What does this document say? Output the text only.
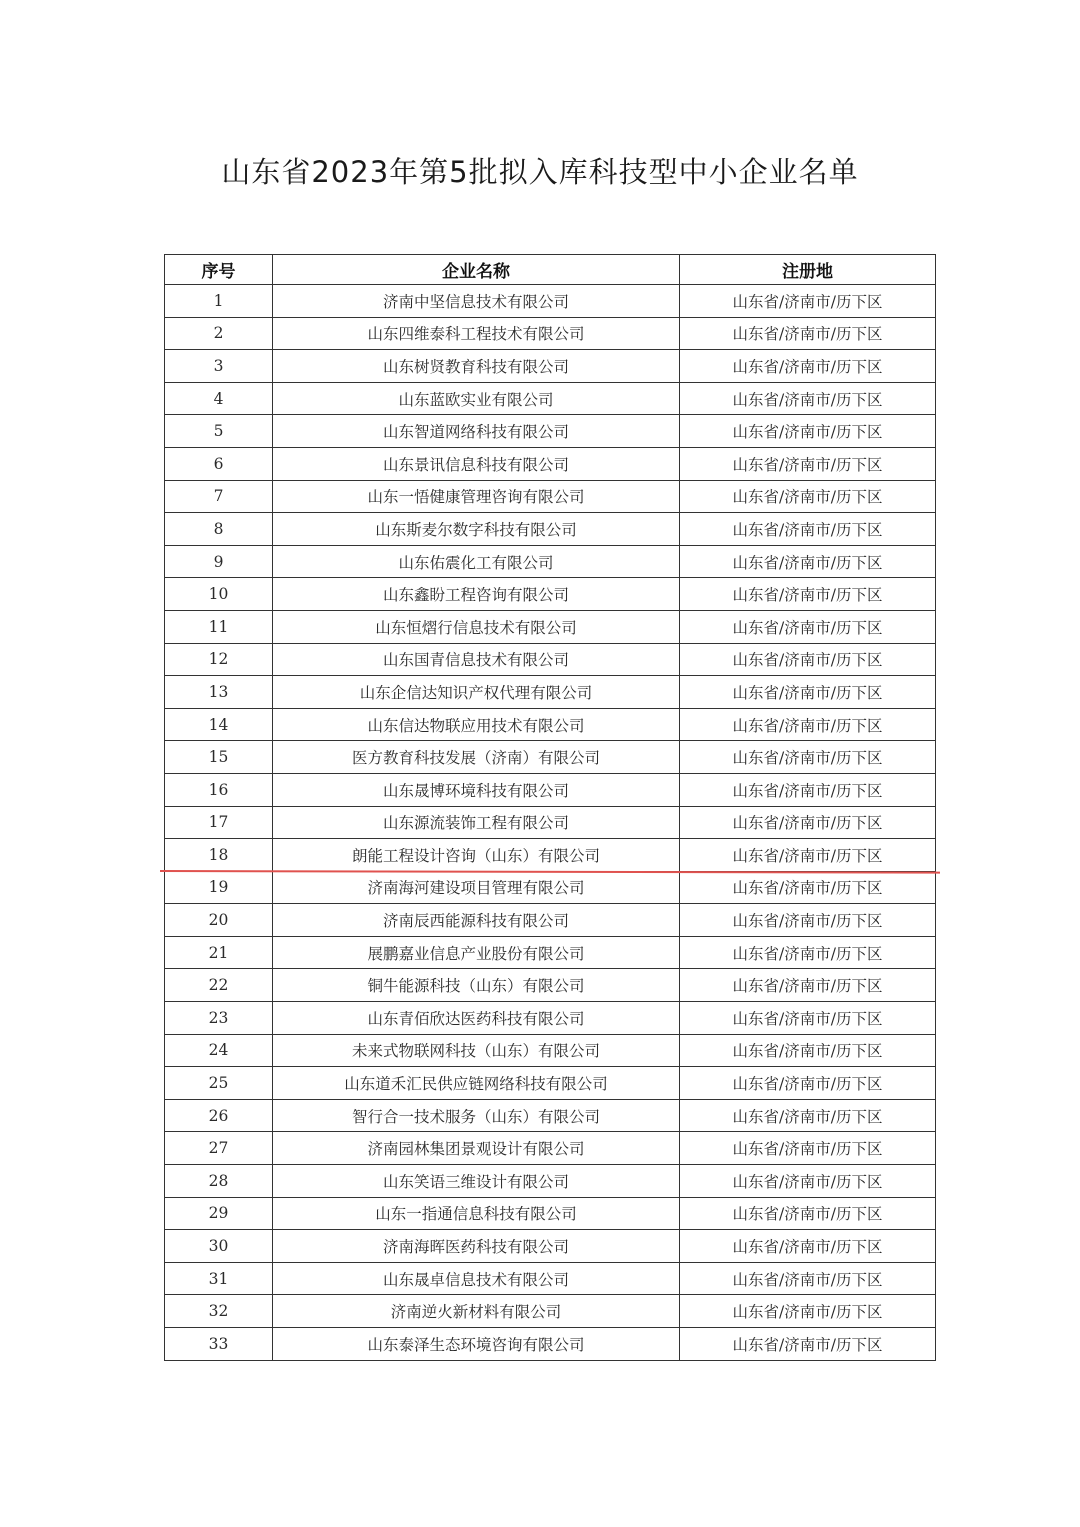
山东省2023年第5批拟入库科技型中小企业名单
序号	企业名称	注册地
1	济南中坚信息技术有限公司	山东省/济南市/历下区
2	山东四维泰科工程技术有限公司	山东省/济南市/历下区
3	山东树贤教育科技有限公司	山东省/济南市/历下区
4	山东蓝欧实业有限公司	山东省/济南市/历下区
5	山东智道网络科技有限公司	山东省/济南市/历下区
6	山东景讯信息科技有限公司	山东省/济南市/历下区
7	山东一悟健康管理咨询有限公司	山东省/济南市/历下区
8	山东斯麦尔数字科技有限公司	山东省/济南市/历下区
9	山东佑震化工有限公司	山东省/济南市/历下区
10	山东鑫盼工程咨询有限公司	山东省/济南市/历下区
11	山东恒熠行信息技术有限公司	山东省/济南市/历下区
12	山东国青信息技术有限公司	山东省/济南市/历下区
13	山东企信达知识产权代理有限公司	山东省/济南市/历下区
14	山东信达物联应用技术有限公司	山东省/济南市/历下区
15	医方教育科技发展（济南）有限公司	山东省/济南市/历下区
16	山东晟博环境科技有限公司	山东省/济南市/历下区
17	山东源流装饰工程有限公司	山东省/济南市/历下区
18	朗能工程设计咨询（山东）有限公司	山东省/济南市/历下区
19	济南海河建设项目管理有限公司	山东省/济南市/历下区
20	济南辰西能源科技有限公司	山东省/济南市/历下区
21	展鹏嘉业信息产业股份有限公司	山东省/济南市/历下区
22	铜牛能源科技（山东）有限公司	山东省/济南市/历下区
23	山东青佰欣达医药科技有限公司	山东省/济南市/历下区
24	未来式物联网科技（山东）有限公司	山东省/济南市/历下区
25	山东道禾汇民供应链网络科技有限公司	山东省/济南市/历下区
26	智行合一技术服务（山东）有限公司	山东省/济南市/历下区
27	济南园林集团景观设计有限公司	山东省/济南市/历下区
28	山东笑语三维设计有限公司	山东省/济南市/历下区
29	山东一指通信息科技有限公司	山东省/济南市/历下区
30	济南海晖医药科技有限公司	山东省/济南市/历下区
31	山东晟卓信息技术有限公司	山东省/济南市/历下区
32	济南逆火新材料有限公司	山东省/济南市/历下区
33	山东泰泽生态环境咨询有限公司	山东省/济南市/历下区
